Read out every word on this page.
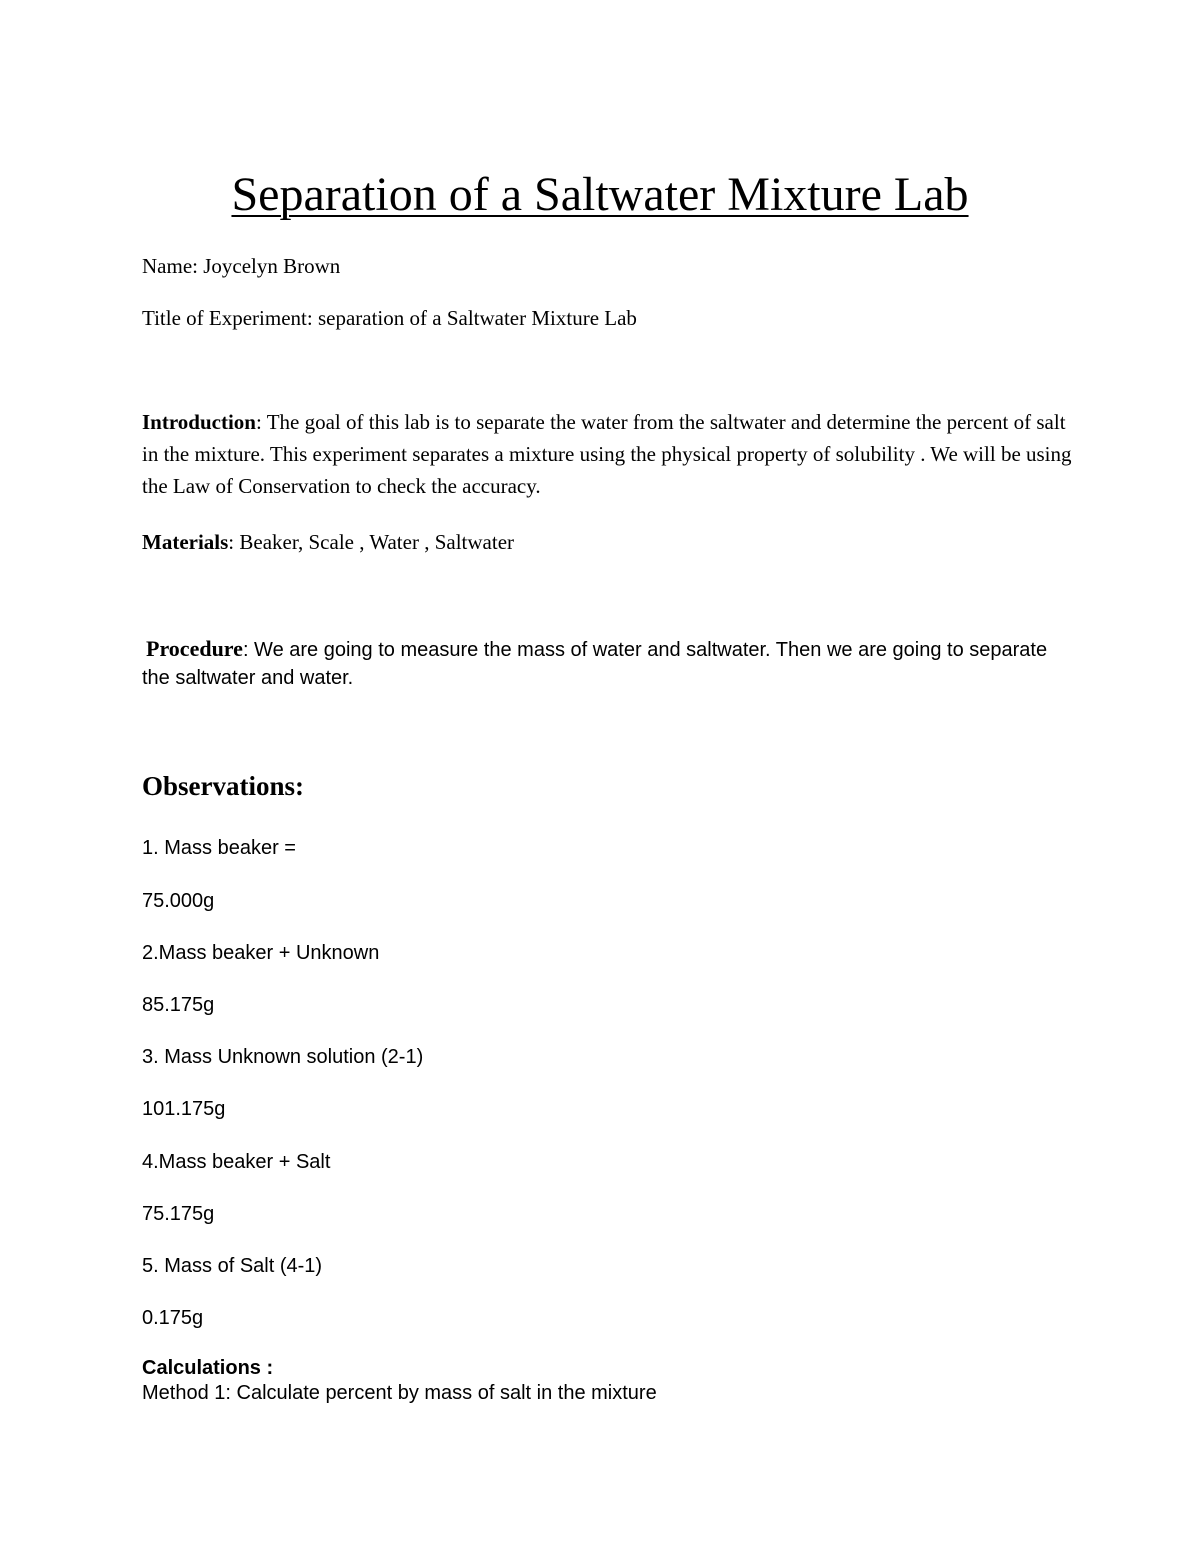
Separation of a Saltwater Mixture Lab
Name: Joycelyn Brown
Title of Experiment: separation of a Saltwater Mixture Lab
Introduction: The goal of this lab is to separate the water from the saltwater and determine the percent of salt in the mixture. This experiment separates a mixture using the physical property of solubility . We will be using the Law of Conservation to check the accuracy.
Materials: Beaker, Scale , Water , Saltwater

Procedure: We are going to measure the mass of water and saltwater. Then we are going to separate the saltwater and water.

Observations:
1. Mass beaker =
75.000g
2.Mass beaker + Unknown
85.175g
3. Mass Unknown solution (2-1)
101.175g
4.Mass beaker + Salt
75.175g
5. Mass of Salt (4-1)
0.175g
Calculations :
Method 1: Calculate percent by mass of salt in the mixture
